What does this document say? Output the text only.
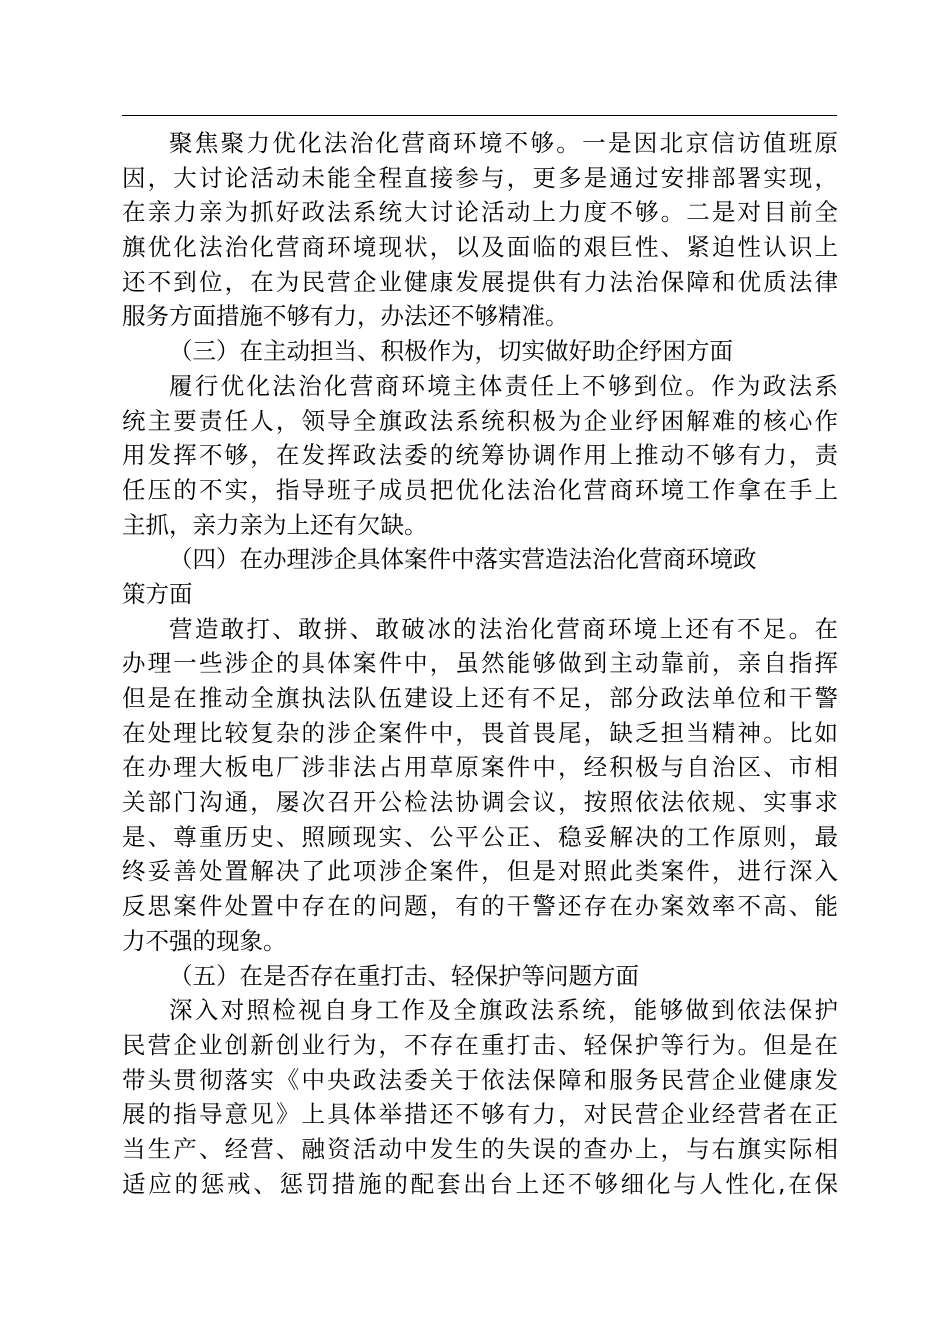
聚焦聚力优化法治化营商环境不够。一是因北京信访值班原
因，大讨论活动未能全程直接参与，更多是通过安排部署实现，
在亲力亲为抓好政法系统大讨论活动上力度不够。二是对目前全
旗优化法治化营商环境现状，以及面临的艰巨性、紧迫性认识上
还不到位，在为民营企业健康发展提供有力法治保障和优质法律
服务方面措施不够有力，办法还不够精准。
（三）在主动担当、积极作为，切实做好助企纾困方面
履行优化法治化营商环境主体责任上不够到位。作为政法系
统主要责任人，领导全旗政法系统积极为企业纾困解难的核心作
用发挥不够，在发挥政法委的统筹协调作用上推动不够有力，责
任压的不实，指导班子成员把优化法治化营商环境工作拿在手上
主抓，亲力亲为上还有欠缺。
（四）在办理涉企具体案件中落实营造法治化营商环境政
策方面
营造敢打、敢拼、敢破冰的法治化营商环境上还有不足。在
办理一些涉企的具体案件中，虽然能够做到主动靠前，亲自指挥
但是在推动全旗执法队伍建设上还有不足，部分政法单位和干警
在处理比较复杂的涉企案件中，畏首畏尾，缺乏担当精神。比如
在办理大板电厂涉非法占用草原案件中，经积极与自治区、市相
关部门沟通，屡次召开公检法协调会议，按照依法依规、实事求
是、尊重历史、照顾现实、公平公正、稳妥解决的工作原则，最
终妥善处置解决了此项涉企案件，但是对照此类案件，进行深入
反思案件处置中存在的问题，有的干警还存在办案效率不高、能
力不强的现象。
（五）在是否存在重打击、轻保护等问题方面
深入对照检视自身工作及全旗政法系统，能够做到依法保护
民营企业创新创业行为，不存在重打击、轻保护等行为。但是在
带头贯彻落实《中央政法委关于依法保障和服务民营企业健康发
展的指导意见》上具体举措还不够有力，对民营企业经营者在正
当生产、经营、融资活动中发生的失误的查办上，与右旗实际相
适应的惩戒、惩罚措施的配套出台上还不够细化与人性化,在保
